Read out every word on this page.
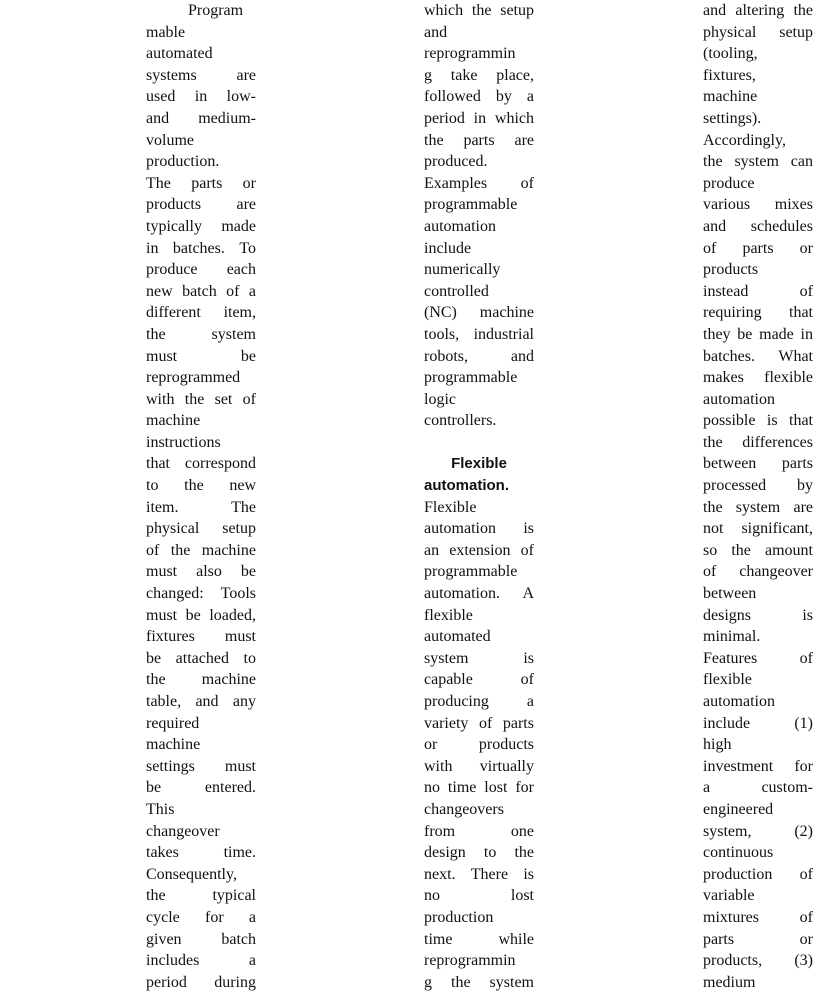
Program
mable
automated
systems are
used in low-
and medium-
volume
production.
The parts or
products are
typically made
in batches. To
produce each
new batch of a
different item,
the	system
must	be
reprogrammed
with the set of
machine
instructions
that correspond
to the new
item.	The
physical setup
of the machine
must also be
changed: Tools
must be loaded,
fixtures must
be attached to
the machine
table, and any
required
machine
settings must
be	entered.
This
changeover
takes	time.
Consequently,
the	typical
cycle for a
given batch
includes	a
period during
which the setup
and
reprogrammin
g take place,
followed by a
period in which
the parts are
produced.
Examples of
programmable
automation
include
numerically
controlled
(NC) machine
tools, industrial
robots,	and
programmable
logic
controllers.
Flexible
automation.
Flexible
automation is
an extension of
programmable
automation. A
flexible
automated
system	is
capable	of
producing a
variety of parts
or	products
with virtually
no time lost for
changeovers
from	one
design to the
next. There is
no	lost
production
time	while
reprogrammin
g the system
and altering the
physical setup
(tooling,
fixtures,
machine
settings).
Accordingly,
the system can
produce
various mixes
and schedules
of parts or
products
instead	of
requiring that
they be made in
batches. What
makes flexible
automation
possible is that
the differences
between parts
processed by
the system are
not significant,
so the amount
of changeover
between
designs	is
minimal.
Features	of
flexible
automation
include	(1)
high
investment for
a	custom-
engineered
system,	(2)
continuous
production of
variable
mixtures	of
parts	or
products, (3)
medium
